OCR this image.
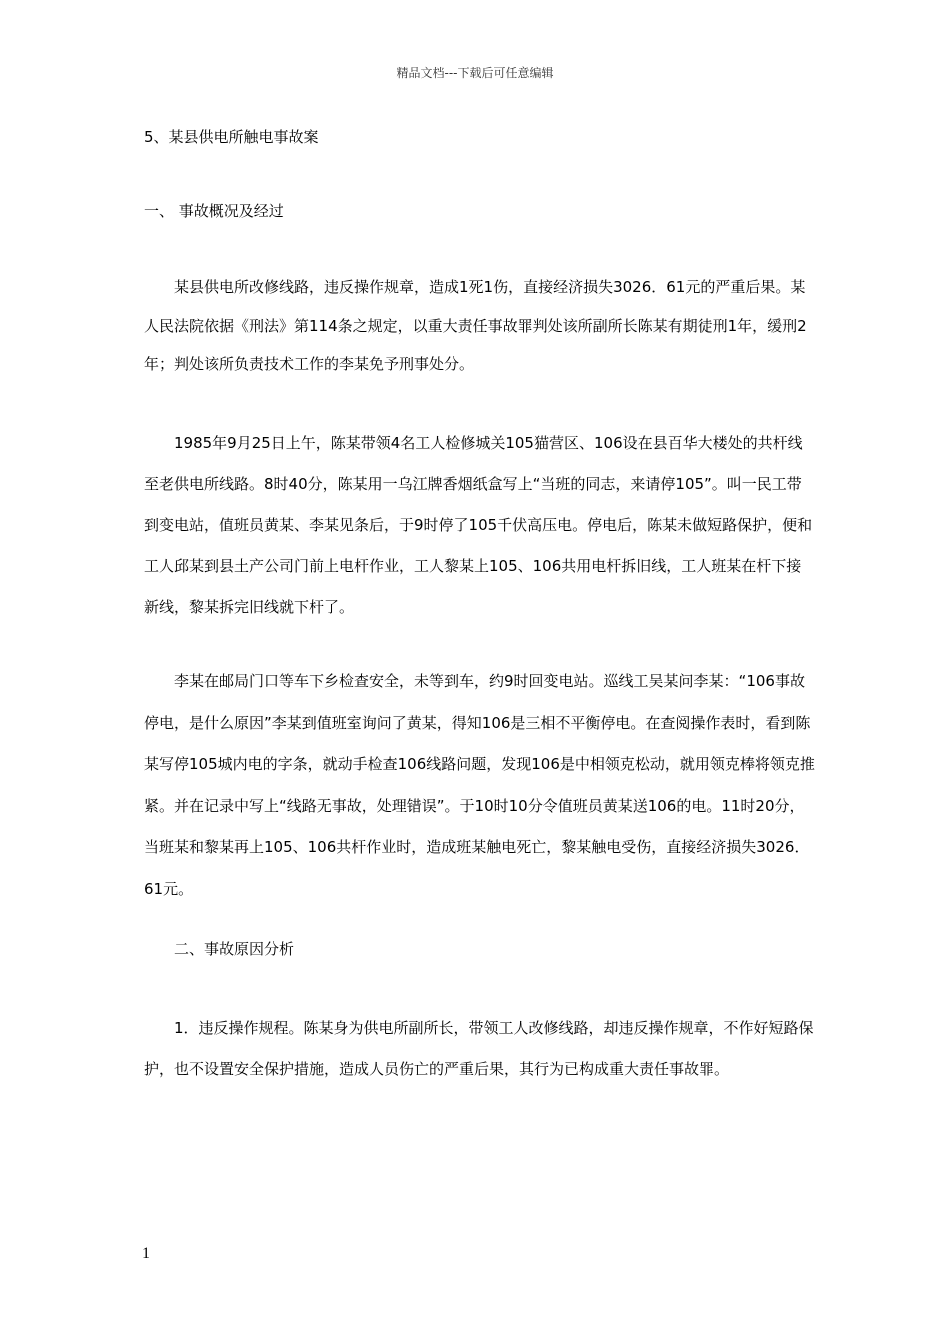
精品文档---下载后可任意编辑
5、某县供电所触电事故案
一、 事故概况及经过
某县供电所改修线路，违反操作规章，造成1死1伤，直接经济损失3026．61元的严重后果。某人民法院依据《刑法》第114条之规定，以重大责任事故罪判处该所副所长陈某有期徒刑1年，缓刑2年；判处该所负责技术工作的李某免予刑事处分。
1985年9月25日上午，陈某带领4名工人检修城关105猫营区、106设在县百华大楼处的共杆线至老供电所线路。8时40分，陈某用一乌江牌香烟纸盒写上“当班的同志，来请停105”。叫一民工带到变电站，值班员黄某、李某见条后，于9时停了105千伏高压电。停电后，陈某未做短路保护，便和工人邱某到县土产公司门前上电杆作业，工人黎某上105、106共用电杆拆旧线，工人班某在杆下接新线，黎某拆完旧线就下杆了。
李某在邮局门口等车下乡检查安全，未等到车，约9时回变电站。巡线工吴某问李某：“106事故停电，是什么原因”李某到值班室询问了黄某，得知106是三相不平衡停电。在查阅操作表时，看到陈某写停105城内电的字条，就动手检查106线路问题，发现106是中相领克松动，就用领克棒将领克推紧。并在记录中写上“线路无事故，处理错误”。于10时10分令值班员黄某送106的电。11时20分，当班某和黎某再上105、106共杆作业时，造成班某触电死亡，黎某触电受伤，直接经济损失3026．61元。
二、事故原因分析
1．违反操作规程。陈某身为供电所副所长，带领工人改修线路，却违反操作规章，不作好短路保护，也不设置安全保护措施，造成人员伤亡的严重后果，其行为已构成重大责任事故罪。
1
